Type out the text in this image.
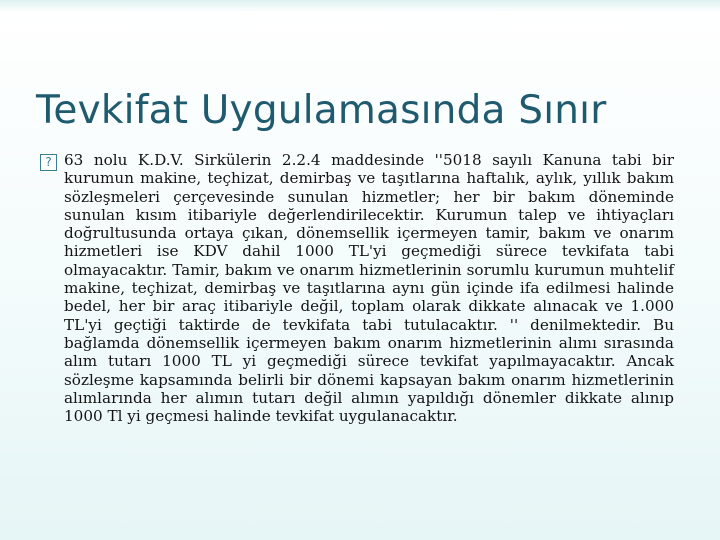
Tevkifat Uygulamasında Sınır
? 63 nolu K.D.V. Sirkülerin 2.2.4 maddesinde ''5018 sayılı Kanuna tabi bir kurumun makine, teçhizat, demirbaş ve taşıtlarına haftalık, aylık, yıllık bakım sözleşmeleri çerçevesinde sunulan hizmetler; her bir bakım döneminde sunulan kısım itibariyle değerlendirilecektir. Kurumun talep ve ihtiyaçları doğrultusunda ortaya çıkan, dönemsellik içermeyen tamir, bakım ve onarım hizmetleri ise KDV dahil 1000 TL'yi geçmediği sürece tevkifata tabi olmayacaktır. Tamir, bakım ve onarım hizmetlerinin sorumlu kurumun muhtelif makine, teçhizat, demirbaş ve taşıtlarına aynı gün içinde ifa edilmesi halinde bedel, her bir araç itibariyle değil, toplam olarak dikkate alınacak ve 1.000 TL'yi geçtiği taktirde de tevkifata tabi tutulacaktır. '' denilmektedir. Bu bağlamda dönemsellik içermeyen bakım onarım hizmetlerinin alımı sırasında alım tutarı 1000 TL yi geçmediği sürece tevkifat yapılmayacaktır. Ancak sözleşme kapsamında belirli bir dönemi kapsayan bakım onarım hizmetlerinin alımlarında her alımın tutarı değil alımın yapıldığı dönemler dikkate alınıp 1000 Tl yi geçmesi halinde tevkifat uygulanacaktır.
